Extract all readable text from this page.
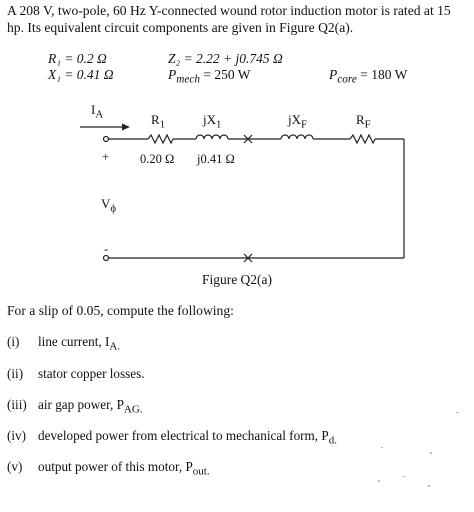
A 208 V, two-pole, 60 Hz Y-connected wound rotor induction motor is rated at 15 hp. Its equivalent circuit components are given in Figure Q2(a).
R₁ = 0.2 Ω
X₁ = 0.41 Ω
Z₂ = 2.22 + j0.745 Ω
$P_{mech} = 250$ W	$P_{core} = 180$ W
$I_A$	$R_1$	$jX_1$	$jX_F$	$R_F$
0.20 Ω j0.41 Ω
+
-
$V_\phi$
Figure Q2(a)
For a slip of 0.05, compute the following:
(i) line current, $I_{A.}$
(ii) stator copper losses.
(iii) air gap power, $P_{AG.}$
(iv) developed power from electrical to mechanical form, $P_{d.}$
(v) output power of this motor, $P_{out.}$
